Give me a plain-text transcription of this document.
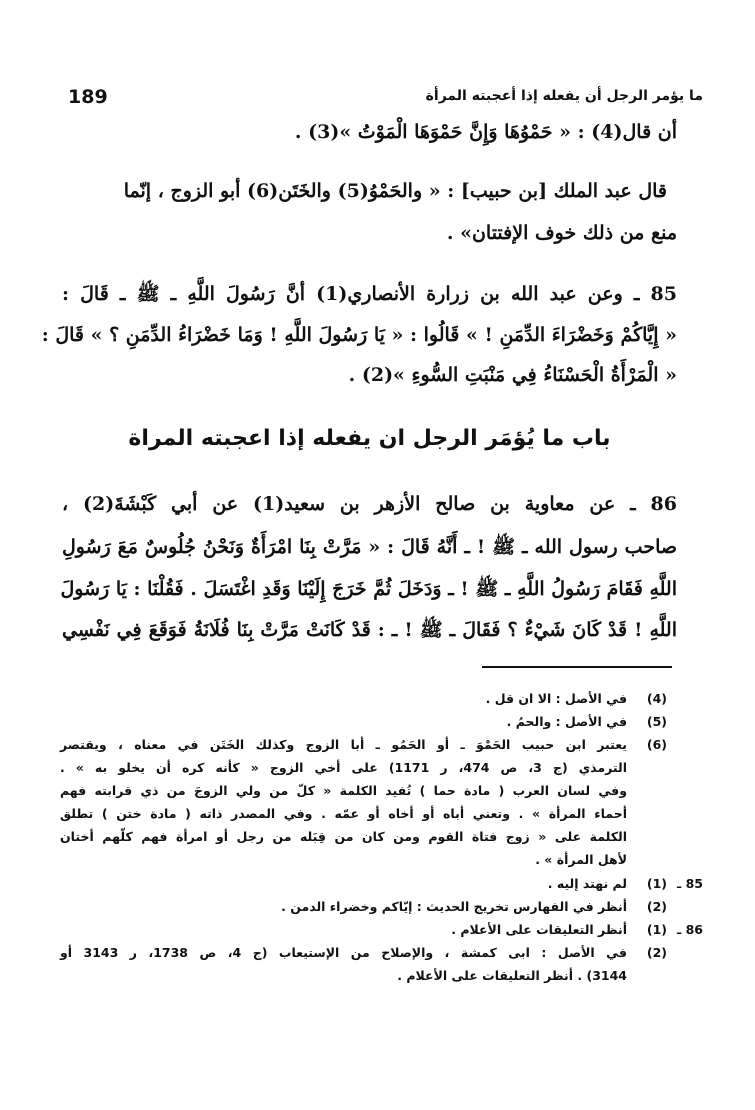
189	ما يؤمر الرجل أن يفعله إذا أعجبته المرأة
أن قال(4) : « حَمْوُهَا وَإِنَّ حَمْوَهَا الْمَوْتُ »(3) .
قال عبد الملك [بن حبيب] : « والحَمْوُ(5) والخَتَن(6) أبو الزوج ، إنّما
منع من ذلك خوف الإفتتان» .
85 ـ وعن عبد الله بن زرارة الأنصاري(1) أنَّ رَسُولَ اللَّهِ ـ ﷺ ـ قَالَ :
« إِيَّاكُمْ وَخَضْرَاءَ الدِّمَنِ ! » قَالُوا : « يَا رَسُولَ اللَّهِ ! وَمَا خَضْرَاءُ الدِّمَنِ ؟ » قَالَ :
« الْمَرْأَةُ الْحَسْنَاءُ فِي مَنْبَتِ السُّوءِ »(2) .
باب ما يُؤمَر الرجل ان يفعله إذا اعجبته المراة
86 ـ عن معاوية بن صالح الأزهر بن سعيد(1) عن أبي كَبْشَةَ(2) ،
صاحب رسول الله ـ ﷺ ! ـ أَنَّهُ قَالَ : « مَرَّتْ بِنَا امْرَأَةٌ وَنَحْنُ جُلُوسٌ مَعَ رَسُولِ
اللَّهِ فَقَامَ رَسُولُ اللَّهِ ـ ﷺ ! ـ وَدَخَلَ ثُمَّ خَرَجَ إِلَيْنَا وَقَدِ اغْتَسَلَ . فَقُلْنَا : يَا رَسُولَ
اللَّهِ ! قَدْ كَانَ شَيْءٌ ؟ فَقَالَ ـ ﷺ ! ـ : قَدْ كَانَتْ مَرَّتْ بِنَا فُلَانَةُ فَوَقَعَ فِي نَفْسِي
(4)
في الأصل : الا ان قل .
(5)
في الأصل : والحمُ .
(6)
يعتبر ابن حبيب الحَمْوَ ـ أو الحَمُو ـ أبا الزوج وكذلك الخَتَن في معناه ، ويقتصر
الترمذي (ج 3، ص 474، ر 1171) على أخي الزوج « كأنه كره أن يخلو به » .
وفي لسان العرب ( مادة حما ) تُفيد الكلمة « كلّ من ولي الزوجَ من ذي قرابته فهم
أحماء المرأة » . وتعني أباه أو أخاه أو عمّه . وفي المصدر ذاته ( مادة ختن ) تطلق
الكلمة على « زوج فتاة القوم ومن كان من قِبَله من رجل أو امرأة فهم كلّهم أختان
لأهل المرأة » .
85 ـ
(1)
لم نهتد إليه .
(2)
أنظر في الفهارس تخريج الحديث : إيّاكم وخضراء الدمن .
86 ـ
(1)
أنظر التعليقات على الأعلام .
(2)
في الأصل : ابى كمشة ، والإصلاح من الإستيعاب (ج 4، ص 1738، ر 3143 أو
3144) . أنظر التعليقات على الأعلام .
